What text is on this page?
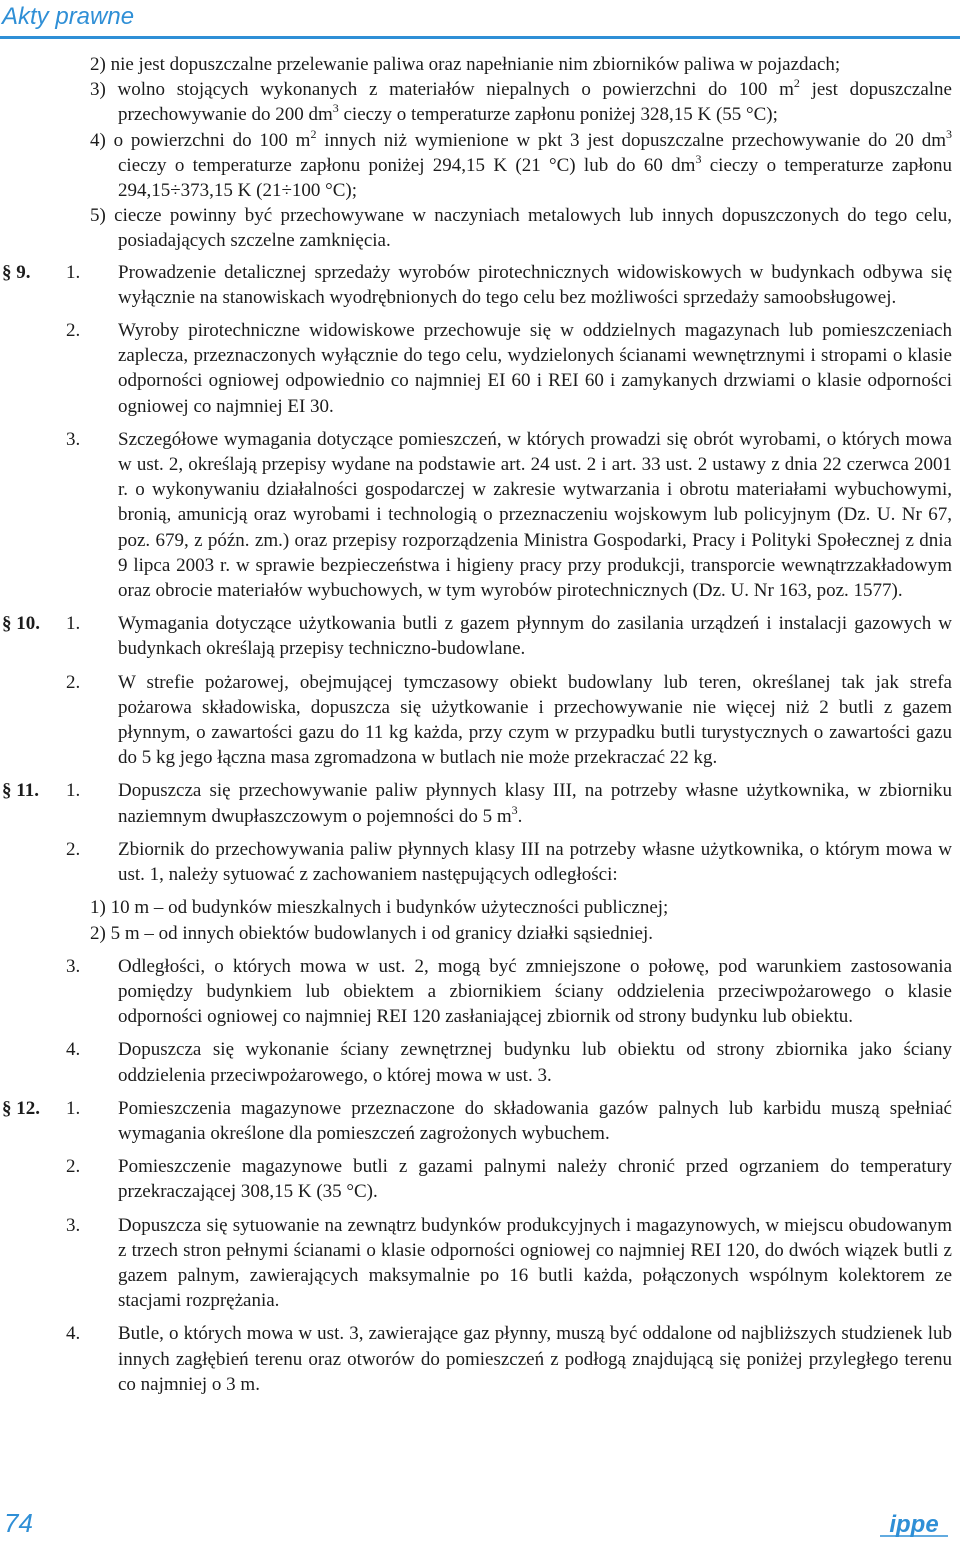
Akty prawne
2) nie jest dopuszczalne przelewanie paliwa oraz napełnianie nim zbiorników paliwa w pojazdach;
3) wolno stojących wykonanych z materiałów niepalnych o powierzchni do 100 $m^2$ jest dopuszczalne przechowywanie do 200 $dm^3$ cieczy o temperaturze zapłonu poniżej 328,15 K (55 °C);
4) o powierzchni do 100 $m^2$ innych niż wymienione w pkt 3 jest dopuszczalne przechowywanie do 20 $dm^3$ cieczy o temperaturze zapłonu poniżej 294,15 K (21 °C) lub do 60 $dm^3$ cieczy o temperaturze zapłonu 294,15÷373,15 K (21÷100 °C);
5) ciecze powinny być przechowywane w naczyniach metalowych lub innych dopuszczonych do tego celu, posiadających szczelne zamknięcia.
§ 9. 1. Prowadzenie detalicznej sprzedaży wyrobów pirotechnicznych widowiskowych w budynkach odbywa się wyłącznie na stanowiskach wyodrębnionych do tego celu bez możliwości sprzedaży samoobsługowej.
2. Wyroby pirotechniczne widowiskowe przechowuje się w oddzielnych magazynach lub pomieszczeniach zaplecza, przeznaczonych wyłącznie do tego celu, wydzielonych ścianami wewnętrznymi i stropami o klasie odporności ogniowej odpowiednio co najmniej EI 60 i REI 60 i zamykanych drzwiami o klasie odporności ogniowej co najmniej EI 30.
3. Szczegółowe wymagania dotyczące pomieszczeń, w których prowadzi się obrót wyrobami, o których mowa w ust. 2, określają przepisy wydane na podstawie art. 24 ust. 2 i art. 33 ust. 2 ustawy z dnia 22 czerwca 2001 r. o wykonywaniu działalności gospodarczej w zakresie wytwarzania i obrotu materiałami wybuchowymi, bronią, amunicją oraz wyrobami i technologią o przeznaczeniu wojskowym lub policyjnym (Dz. U. Nr 67, poz. 679, z późn. zm.) oraz przepisy rozporządzenia Ministra Gospodarki, Pracy i Polityki Społecznej z dnia 9 lipca 2003 r. w sprawie bezpieczeństwa i higieny pracy przy produkcji, transporcie wewnątrzzakładowym oraz obrocie materiałów wybuchowych, w tym wyrobów pirotechnicznych (Dz. U. Nr 163, poz. 1577).
§ 10. 1. Wymagania dotyczące użytkowania butli z gazem płynnym do zasilania urządzeń i instalacji gazowych w budynkach określają przepisy techniczno-budowlane.
2. W strefie pożarowej, obejmującej tymczasowy obiekt budowlany lub teren, określanej tak jak strefa pożarowa składowiska, dopuszcza się użytkowanie i przechowywanie nie więcej niż 2 butli z gazem płynnym, o zawartości gazu do 11 kg każda, przy czym w przypadku butli turystycznych o zawartości gazu do 5 kg jego łączna masa zgromadzona w butlach nie może przekraczać 22 kg.
§ 11. 1. Dopuszcza się przechowywanie paliw płynnych klasy III, na potrzeby własne użytkownika, w zbiorniku naziemnym dwupłaszczowym o pojemności do 5 $m^3$.
2. Zbiornik do przechowywania paliw płynnych klasy III na potrzeby własne użytkownika, o którym mowa w ust. 1, należy sytuować z zachowaniem następujących odległości:
1) 10 m – od budynków mieszkalnych i budynków użyteczności publicznej;
2) 5 m – od innych obiektów budowlanych i od granicy działki sąsiedniej.
3. Odległości, o których mowa w ust. 2, mogą być zmniejszone o połowę, pod warunkiem zastosowania pomiędzy budynkiem lub obiektem a zbiornikiem ściany oddzielenia przeciwpożarowego o klasie odporności ogniowej co najmniej REI 120 zasłaniającej zbiornik od strony budynku lub obiektu.
4. Dopuszcza się wykonanie ściany zewnętrznej budynku lub obiektu od strony zbiornika jako ściany oddzielenia przeciwpożarowego, o której mowa w ust. 3.
§ 12. 1. Pomieszczenia magazynowe przeznaczone do składowania gazów palnych lub karbidu muszą spełniać wymagania określone dla pomieszczeń zagrożonych wybuchem.
2. Pomieszczenie magazynowe butli z gazami palnymi należy chronić przed ogrzaniem do temperatury przekraczającej 308,15 K (35 °C).
3. Dopuszcza się sytuowanie na zewnątrz budynków produkcyjnych i magazynowych, w miejscu obudowanym z trzech stron pełnymi ścianami o klasie odporności ogniowej co najmniej REI 120, do dwóch wiązek butli z gazem palnym, zawierających maksymalnie po 16 butli każda, połączonych wspólnym kolektorem ze stacjami rozprężania.
4. Butle, o których mowa w ust. 3, zawierające gaz płynny, muszą być oddalone od najbliższych studzienek lub innych zagłębień terenu oraz otworów do pomieszczeń z podłogą znajdującą się poniżej przyległego terenu co najmniej o 3 m.
74	ippe
